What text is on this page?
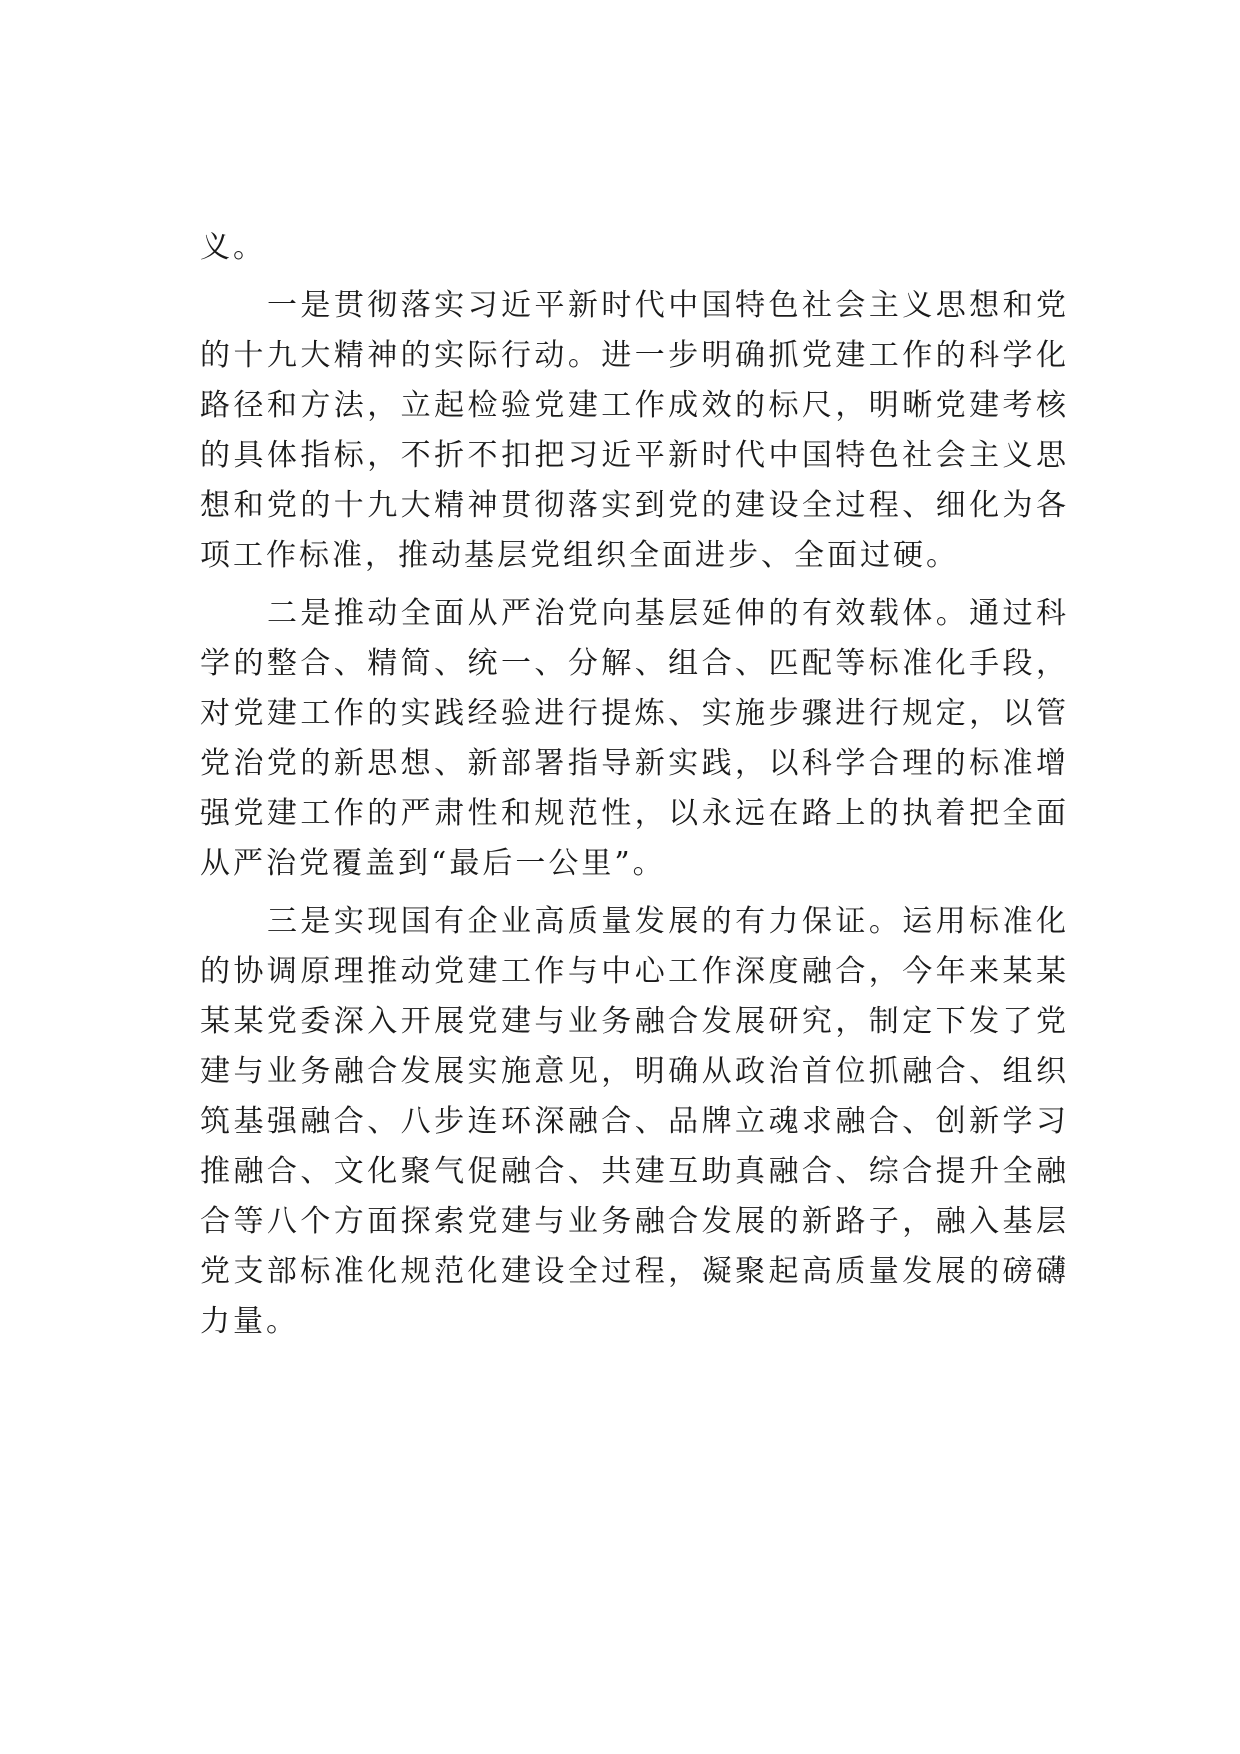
义。
一是贯彻落实习近平新时代中国特色社会主义思想和党
的十九大精神的实际行动。进一步明确抓党建工作的科学化
路径和方法，立起检验党建工作成效的标尺，明晰党建考核
的具体指标，不折不扣把习近平新时代中国特色社会主义思
想和党的十九大精神贯彻落实到党的建设全过程、细化为各
项工作标准，推动基层党组织全面进步、全面过硬。
二是推动全面从严治党向基层延伸的有效载体。通过科
学的整合、精简、统一、分解、组合、匹配等标准化手段，
对党建工作的实践经验进行提炼、实施步骤进行规定，以管
党治党的新思想、新部署指导新实践，以科学合理的标准增
强党建工作的严肃性和规范性，以永远在路上的执着把全面
从严治党覆盖到“最后一公里”。
三是实现国有企业高质量发展的有力保证。运用标准化
的协调原理推动党建工作与中心工作深度融合，今年来某某
某某党委深入开展党建与业务融合发展研究，制定下发了党
建与业务融合发展实施意见，明确从政治首位抓融合、组织
筑基强融合、八步连环深融合、品牌立魂求融合、创新学习
推融合、文化聚气促融合、共建互助真融合、综合提升全融
合等八个方面探索党建与业务融合发展的新路子，融入基层
党支部标准化规范化建设全过程，凝聚起高质量发展的磅礴
力量。
